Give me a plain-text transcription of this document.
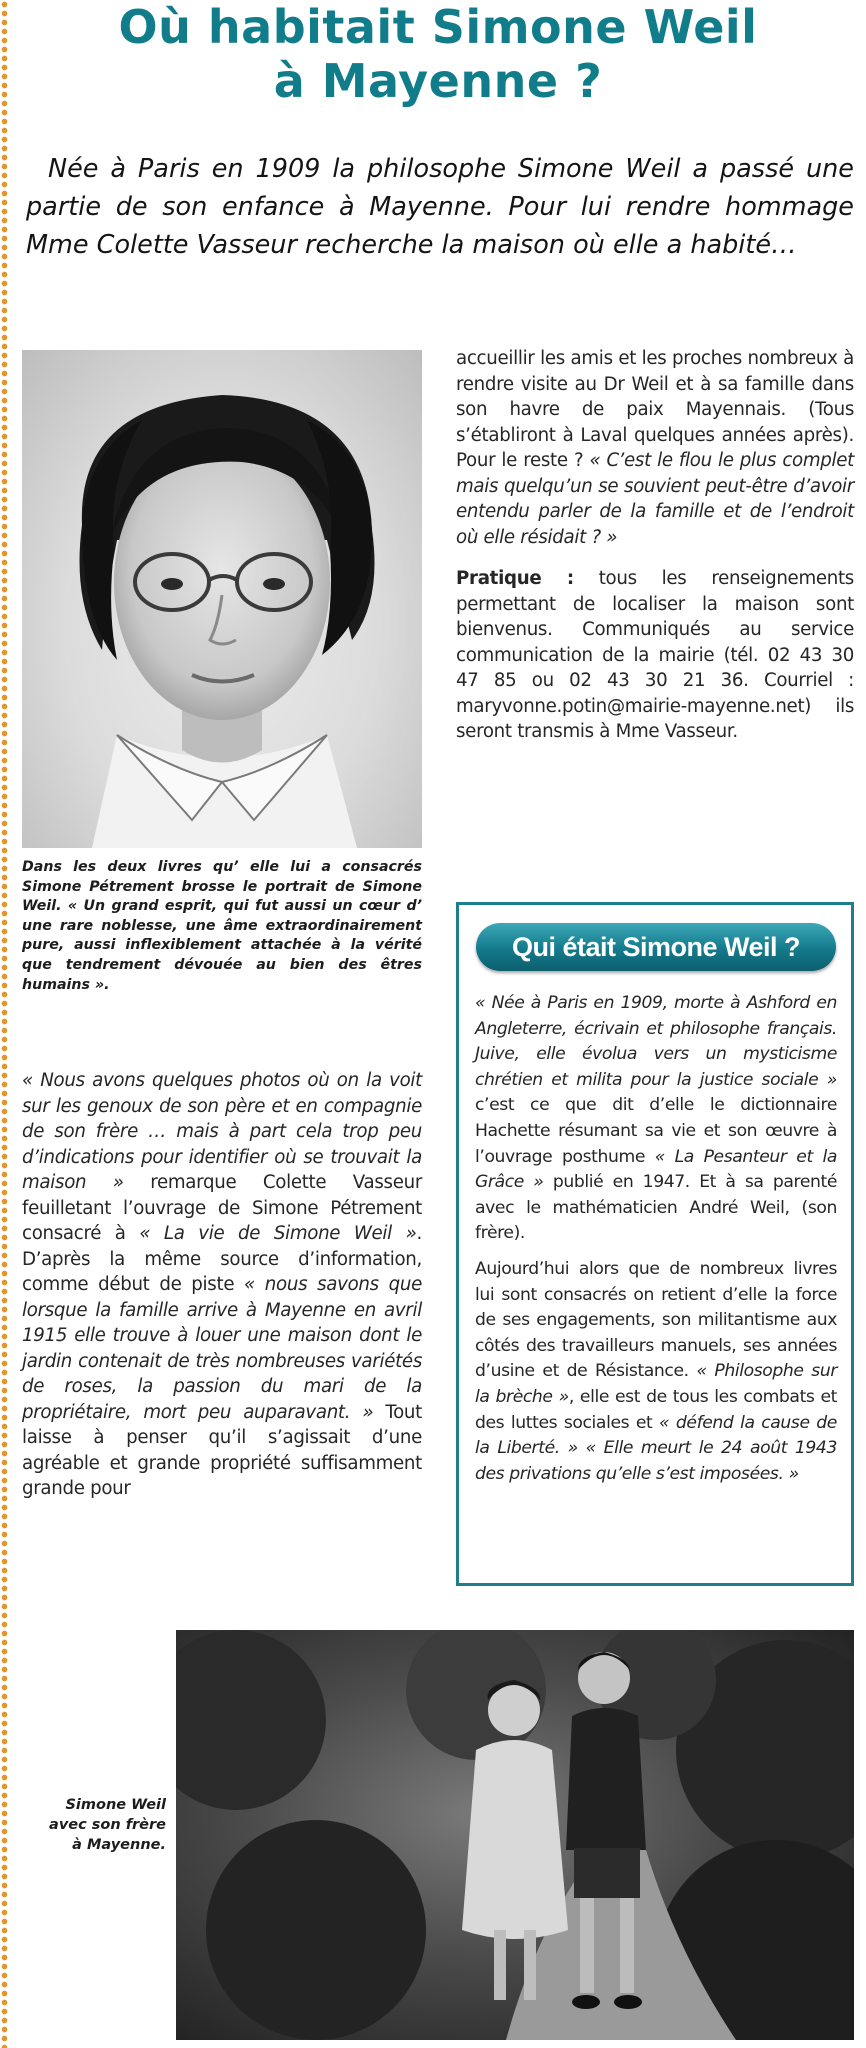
Où habitait Simone Weil
à Mayenne ?

Née à Paris en 1909 la philosophe Simone Weil a passé une partie de son enfance à Mayenne. Pour lui rendre hommage Mme Colette Vasseur recherche la maison où elle a habité…

Dans les deux livres qu’ elle lui a consacrés Simone Pétrement brosse le portrait de Simone Weil. « Un grand esprit, qui fut aussi un cœur d’ une rare noblesse, une âme extraordinairement pure, aussi inflexiblement attachée à la vérité que tendrement dévouée au bien des êtres humains ».

« Nous avons quelques photos où on la voit sur les genoux de son père et en compagnie de son frère … mais à part cela trop peu d’indications pour identifier où se trouvait la maison » remarque Colette Vasseur feuilletant l’ouvrage de Simone Pétrement consacré à « La vie de Simone Weil ». D’après la même source d’information, comme début de piste « nous savons que lorsque la famille arrive à Mayenne en avril 1915 elle trouve à louer une maison dont le jardin contenait de très nombreuses variétés de roses, la passion du mari de la propriétaire, mort peu auparavant. » Tout laisse à penser qu’il s’agissait d’une agréable et grande propriété suffisamment grande pour

accueillir les amis et les proches nombreux à rendre visite au Dr Weil et à sa famille dans son havre de paix Mayennais. (Tous s’établiront à Laval quelques années après). Pour le reste ? « C’est le flou le plus complet mais quelqu’un se souvient peut-être d’avoir entendu parler de la famille et de l’endroit où elle résidait ? »

Pratique : tous les renseignements permettant de localiser la maison sont bienvenus. Communiqués au service communication de la mairie (tél. 02 43 30 47 85 ou 02 43 30 21 36. Courriel : maryvonne.potin@mairie-mayenne.net) ils seront transmis à Mme Vasseur.

Qui était Simone Weil ?

« Née à Paris en 1909, morte à Ashford en Angleterre, écrivain et philosophe français. Juive, elle évolua vers un mysticisme chrétien et milita pour la justice sociale » c’est ce que dit d’elle le dictionnaire Hachette résumant sa vie et son œuvre à l’ouvrage posthume « La Pesanteur et la Grâce » publié en 1947. Et à sa parenté avec le mathématicien André Weil, (son frère).

Aujourd’hui alors que de nombreux livres lui sont consacrés on retient d’elle la force de ses engagements, son militantisme aux côtés des travailleurs manuels, ses années d’usine et de Résistance. « Philosophe sur la brèche », elle est de tous les combats et des luttes sociales et « défend la cause de la Liberté. » « Elle meurt le 24 août 1943 des privations qu’elle s’est imposées. »

Simone Weil avec son frère à Mayenne.
